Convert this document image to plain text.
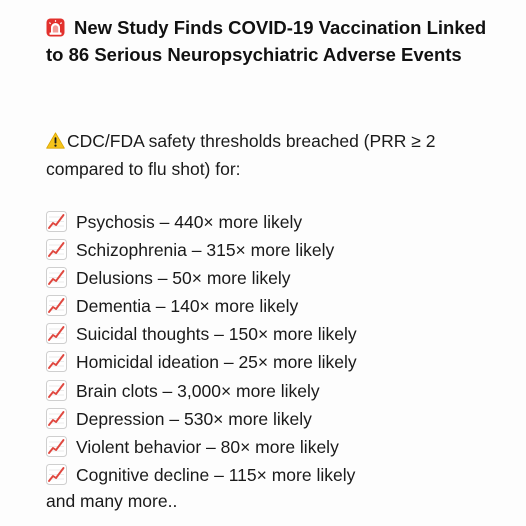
New Study Finds COVID-19 Vaccination Linked to 86 Serious Neuropsychiatric Adverse Events
CDC/FDA safety thresholds breached (PRR ≥ 2 compared to flu shot) for:
Psychosis – 440× more likely
Schizophrenia – 315× more likely
Delusions – 50× more likely
Dementia – 140× more likely
Suicidal thoughts – 150× more likely
Homicidal ideation – 25× more likely
Brain clots – 3,000× more likely
Depression – 530× more likely
Violent behavior – 80× more likely
Cognitive decline – 115× more likely
and many more..
